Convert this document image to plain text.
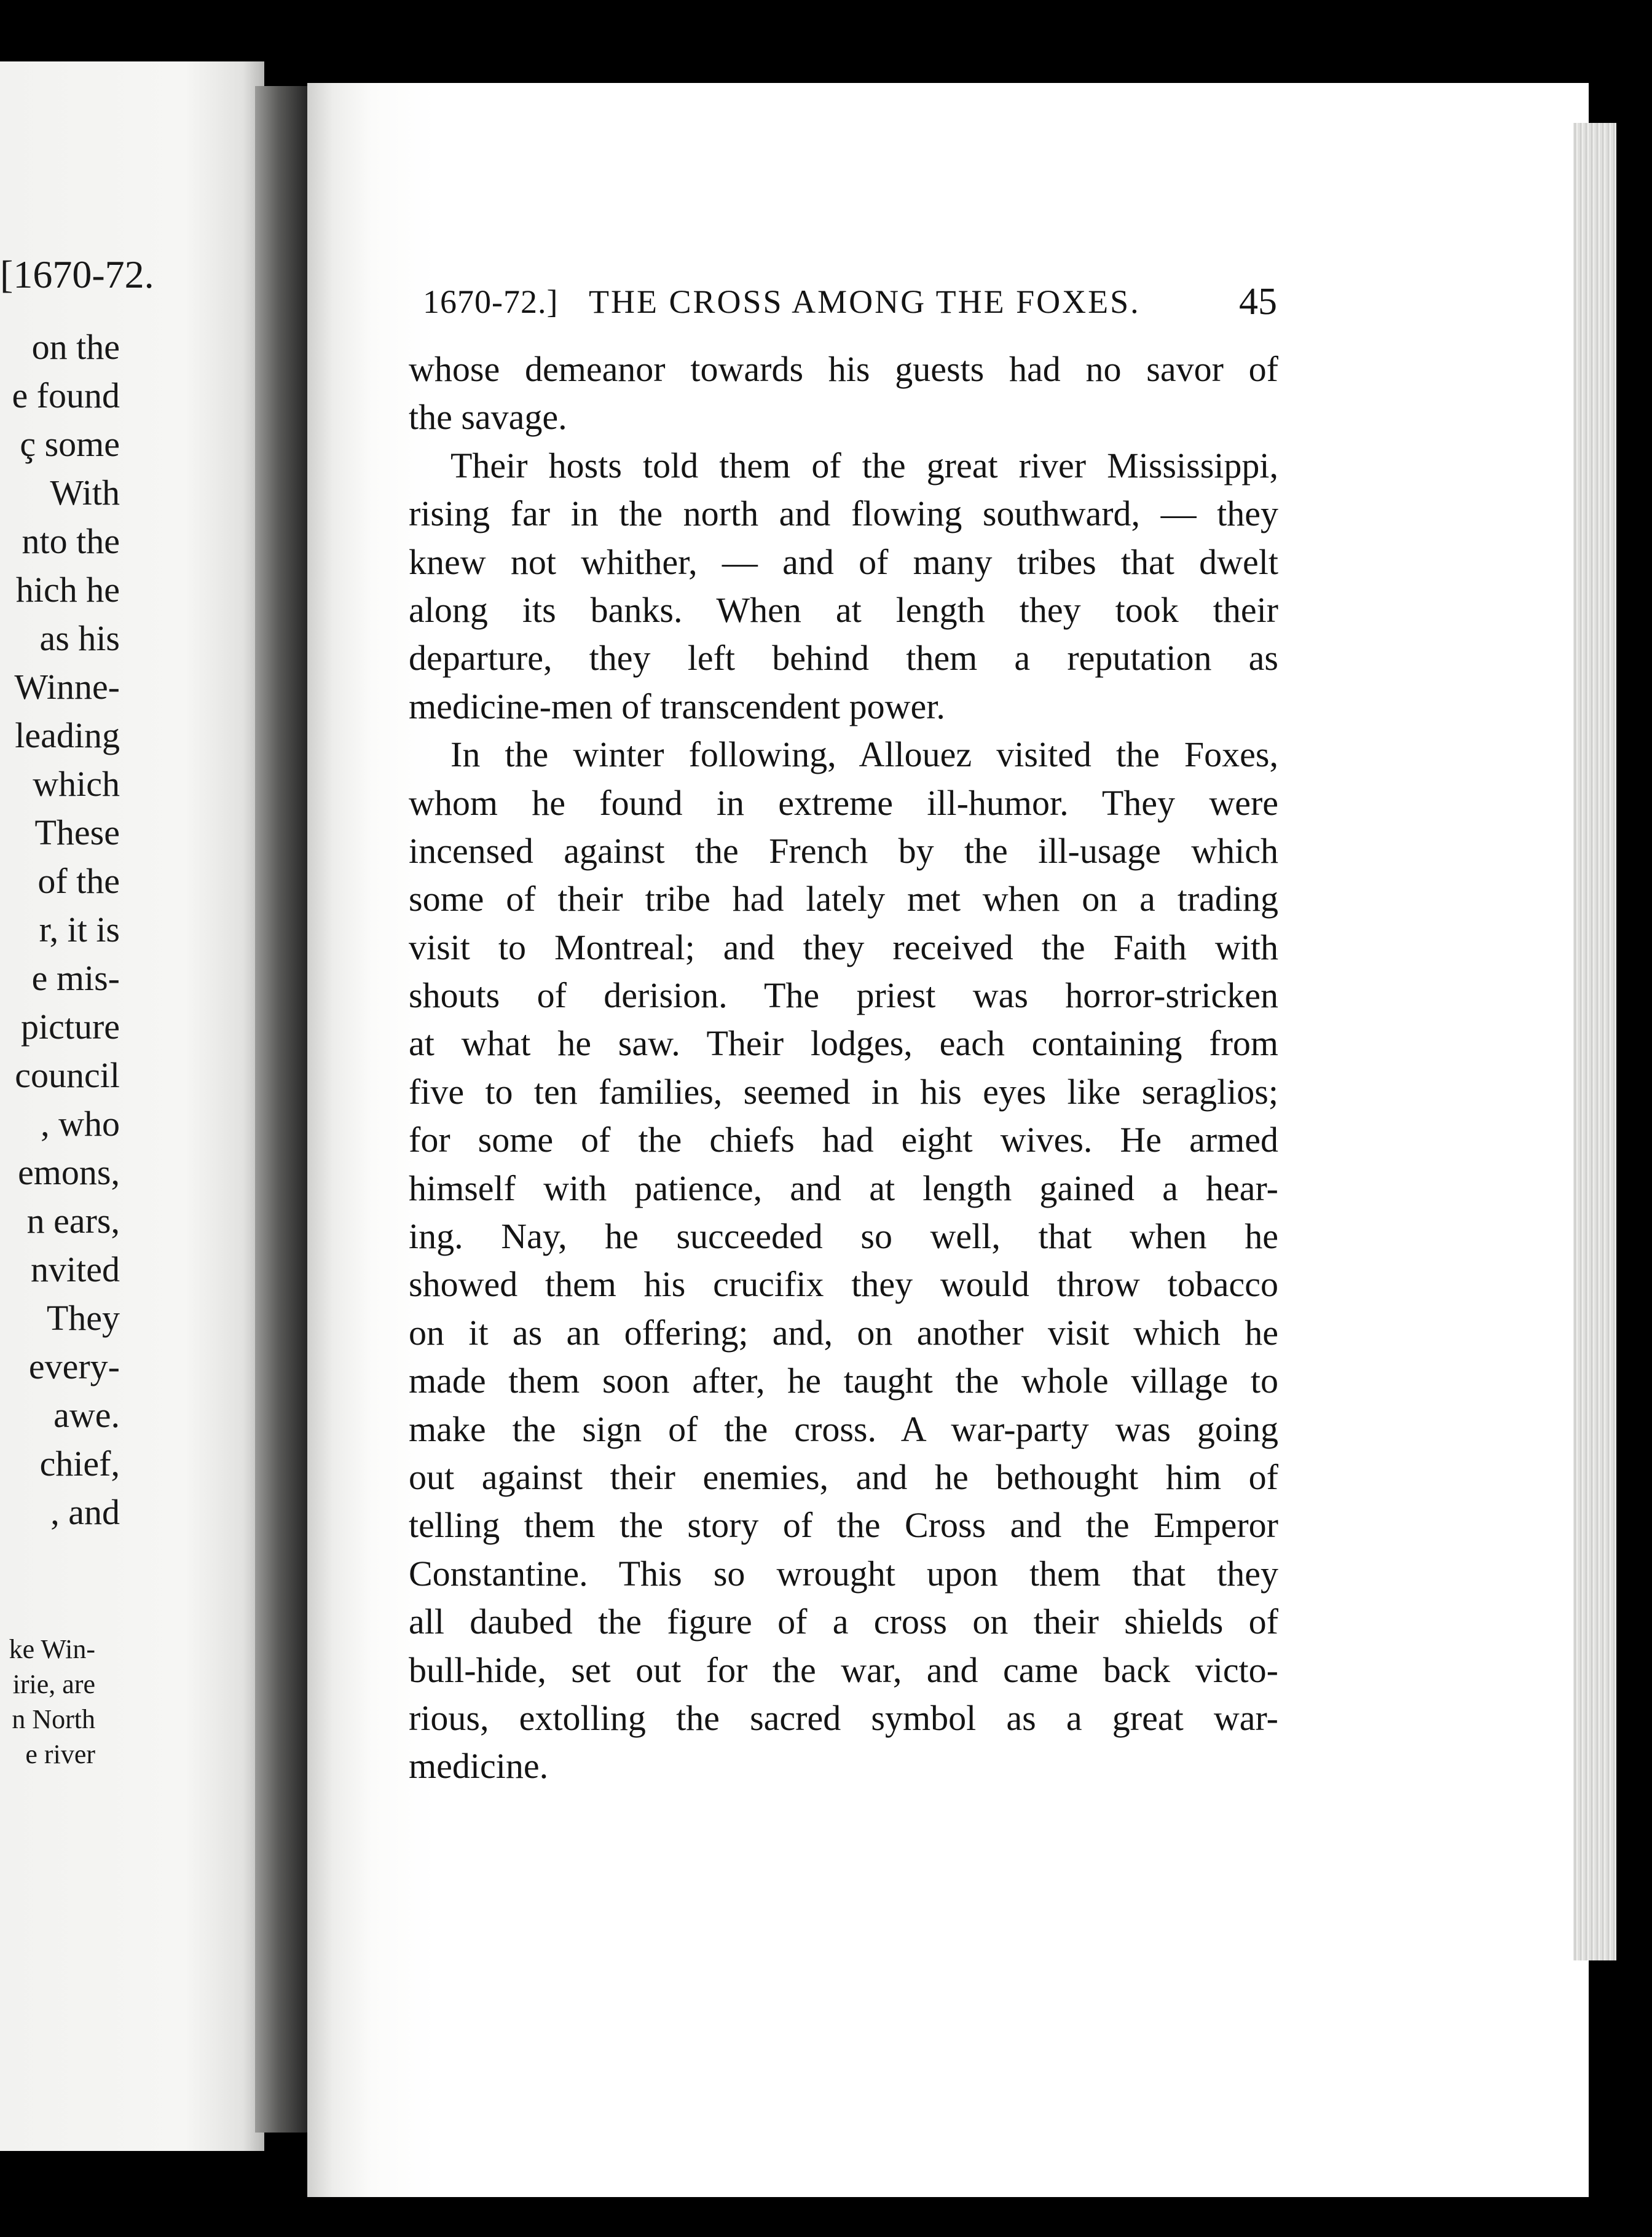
[1670-72.
on the
e found
ç some
With
nto the
hich he
as his
Winne-
leading
which
These
of the
r, it is
e mis-
picture
council
, who
emons,
n ears,
nvited
They
every-
awe.
chief,
, and
ke Win-
irie, are
n North
e river
1670-72.] THE CROSS AMONG THE FOXES.	45
whose demeanor towards his guests had no savor of
the savage.
Their hosts told them of the great river Mississippi,
rising far in the north and flowing southward, — they
knew not whither, — and of many tribes that dwelt
along its banks. When at length they took their
departure, they left behind them a reputation as
medicine-men of transcendent power.
In the winter following, Allouez visited the Foxes,
whom he found in extreme ill-humor. They were
incensed against the French by the ill-usage which
some of their tribe had lately met when on a trading
visit to Montreal; and they received the Faith with
shouts of derision. The priest was horror-stricken
at what he saw. Their lodges, each containing from
five to ten families, seemed in his eyes like seraglios;
for some of the chiefs had eight wives. He armed
himself with patience, and at length gained a hear-
ing. Nay, he succeeded so well, that when he
showed them his crucifix they would throw tobacco
on it as an offering; and, on another visit which he
made them soon after, he taught the whole village to
make the sign of the cross. A war-party was going
out against their enemies, and he bethought him of
telling them the story of the Cross and the Emperor
Constantine. This so wrought upon them that they
all daubed the figure of a cross on their shields of
bull-hide, set out for the war, and came back victo-
rious, extolling the sacred symbol as a great war-
medicine.
